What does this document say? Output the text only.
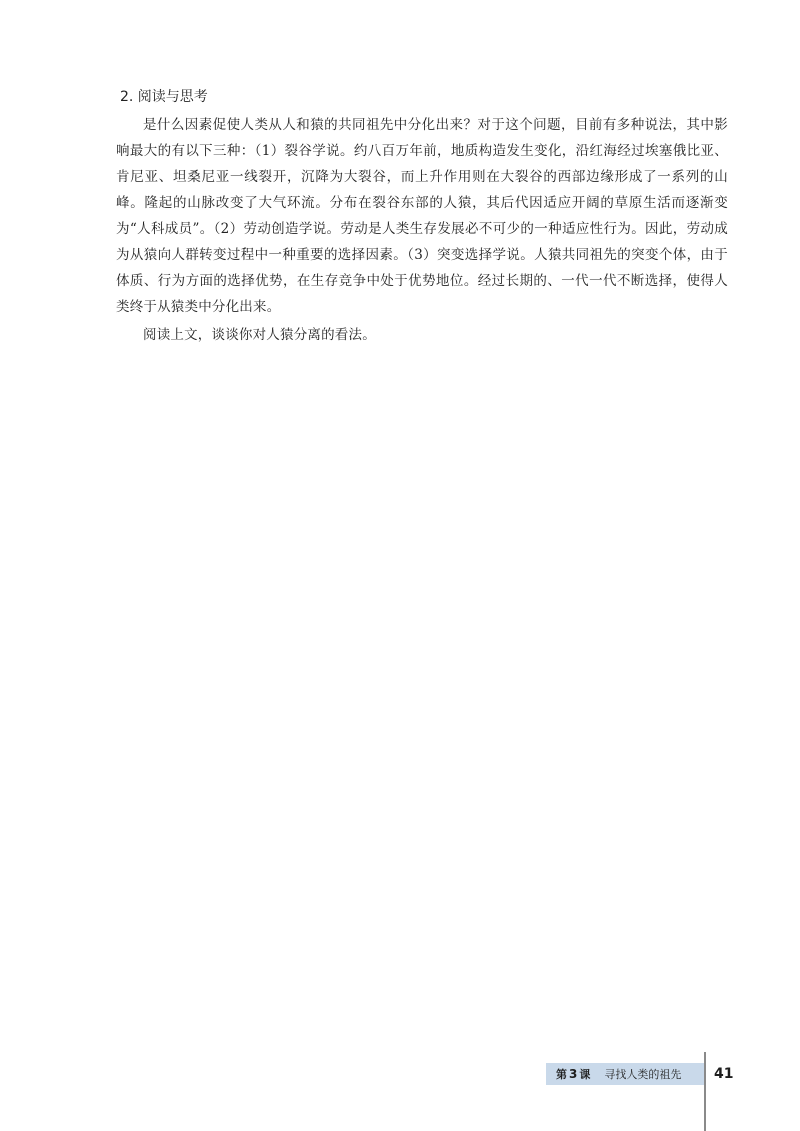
2. 阅读与思考

是什么因素促使人类从人和猿的共同祖先中分化出来？对于这个问题，目前有多种说法，其中影响最大的有以下三种：（1）裂谷学说。约八百万年前，地质构造发生变化，沿红海经过埃塞俄比亚、肯尼亚、坦桑尼亚一线裂开，沉降为大裂谷，而上升作用则在大裂谷的西部边缘形成了一系列的山峰。隆起的山脉改变了大气环流。分布在裂谷东部的人猿，其后代因适应开阔的草原生活而逐渐变为“人科成员”。（2）劳动创造学说。劳动是人类生存发展必不可少的一种适应性行为。因此，劳动成为从猿向人群转变过程中一种重要的选择因素。（3）突变选择学说。人猿共同祖先的突变个体，由于体质、行为方面的选择优势，在生存竞争中处于优势地位。经过长期的、一代一代不断选择，使得人类终于从猿类中分化出来。

阅读上文，谈谈你对人猿分离的看法。

第 3 课 寻找人类的祖先 41
